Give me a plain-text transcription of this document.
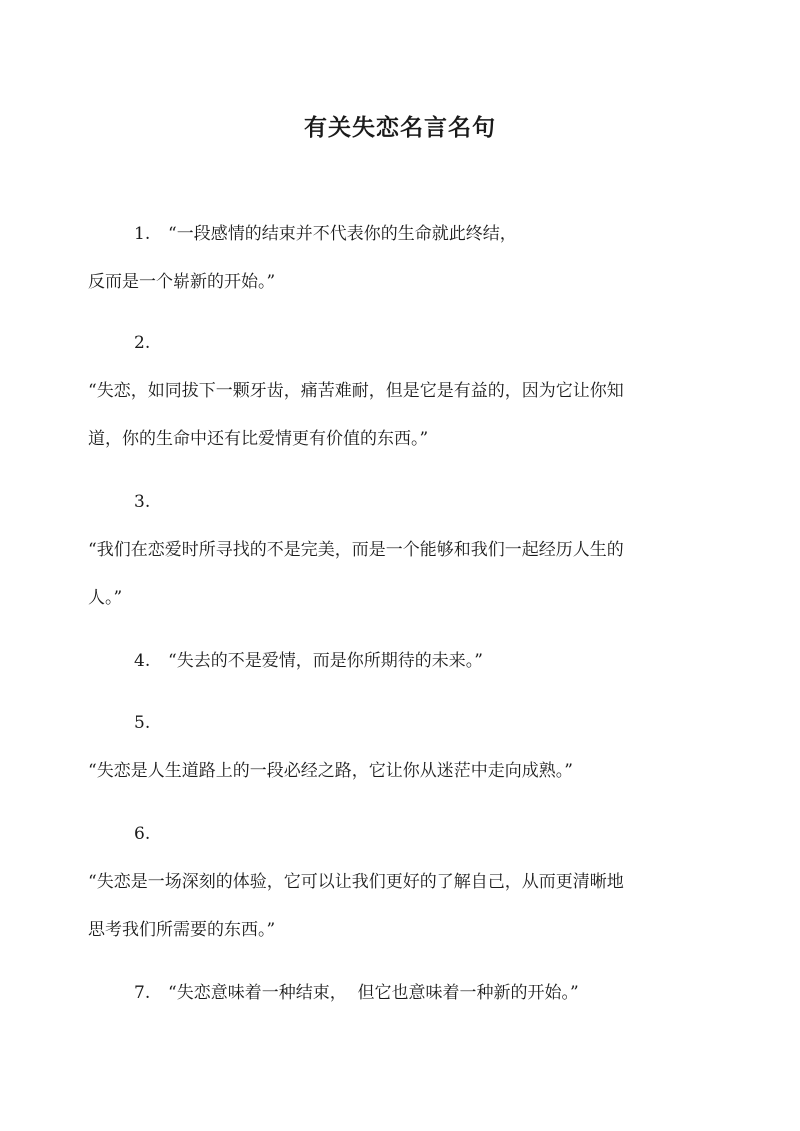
有关失恋名言名句

1. “一段感情的结束并不代表你的生命就此终结，

反而是一个崭新的开始。”

2.

“失恋，如同拔下一颗牙齿，痛苦难耐，但是它是有益的，因为它让你知

道，你的生命中还有比爱情更有价值的东西。”

3.

“我们在恋爱时所寻找的不是完美，而是一个能够和我们一起经历人生的

人。”

4. “失去的不是爱情，而是你所期待的未来。”

5.

“失恋是人生道路上的一段必经之路，它让你从迷茫中走向成熟。”

6.

“失恋是一场深刻的体验，它可以让我们更好的了解自己，从而更清晰地

思考我们所需要的东西。”

7. “失恋意味着一种结束，  但它也意味着一种新的开始。”
